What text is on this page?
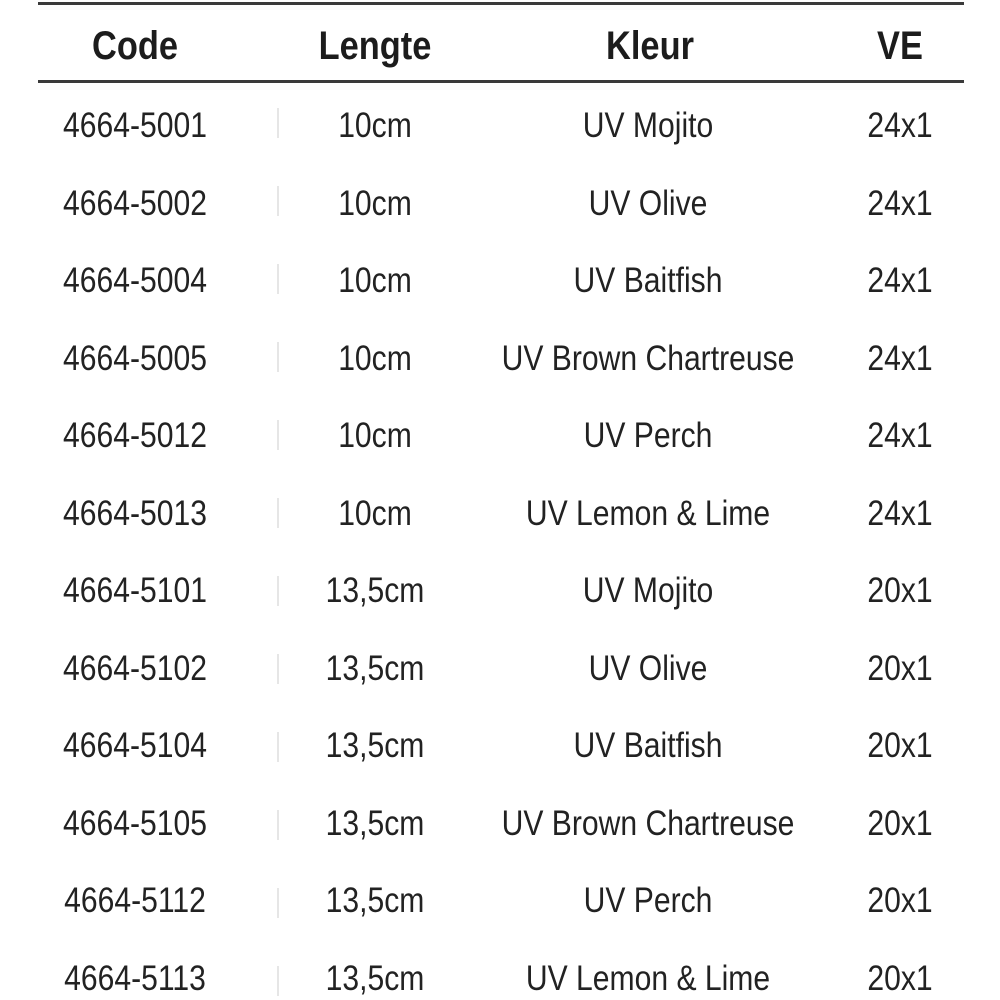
Code	Lengte	Kleur	VE
4664-5001	10cm	UV Mojito	24x1
4664-5002	10cm	UV Olive	24x1
4664-5004	10cm	UV Baitfish	24x1
4664-5005	10cm	UV Brown Chartreuse	24x1
4664-5012	10cm	UV Perch	24x1
4664-5013	10cm	UV Lemon & Lime	24x1
4664-5101	13,5cm	UV Mojito	20x1
4664-5102	13,5cm	UV Olive	20x1
4664-5104	13,5cm	UV Baitfish	20x1
4664-5105	13,5cm	UV Brown Chartreuse	20x1
4664-5112	13,5cm	UV Perch	20x1
4664-5113	13,5cm	UV Lemon & Lime	20x1
